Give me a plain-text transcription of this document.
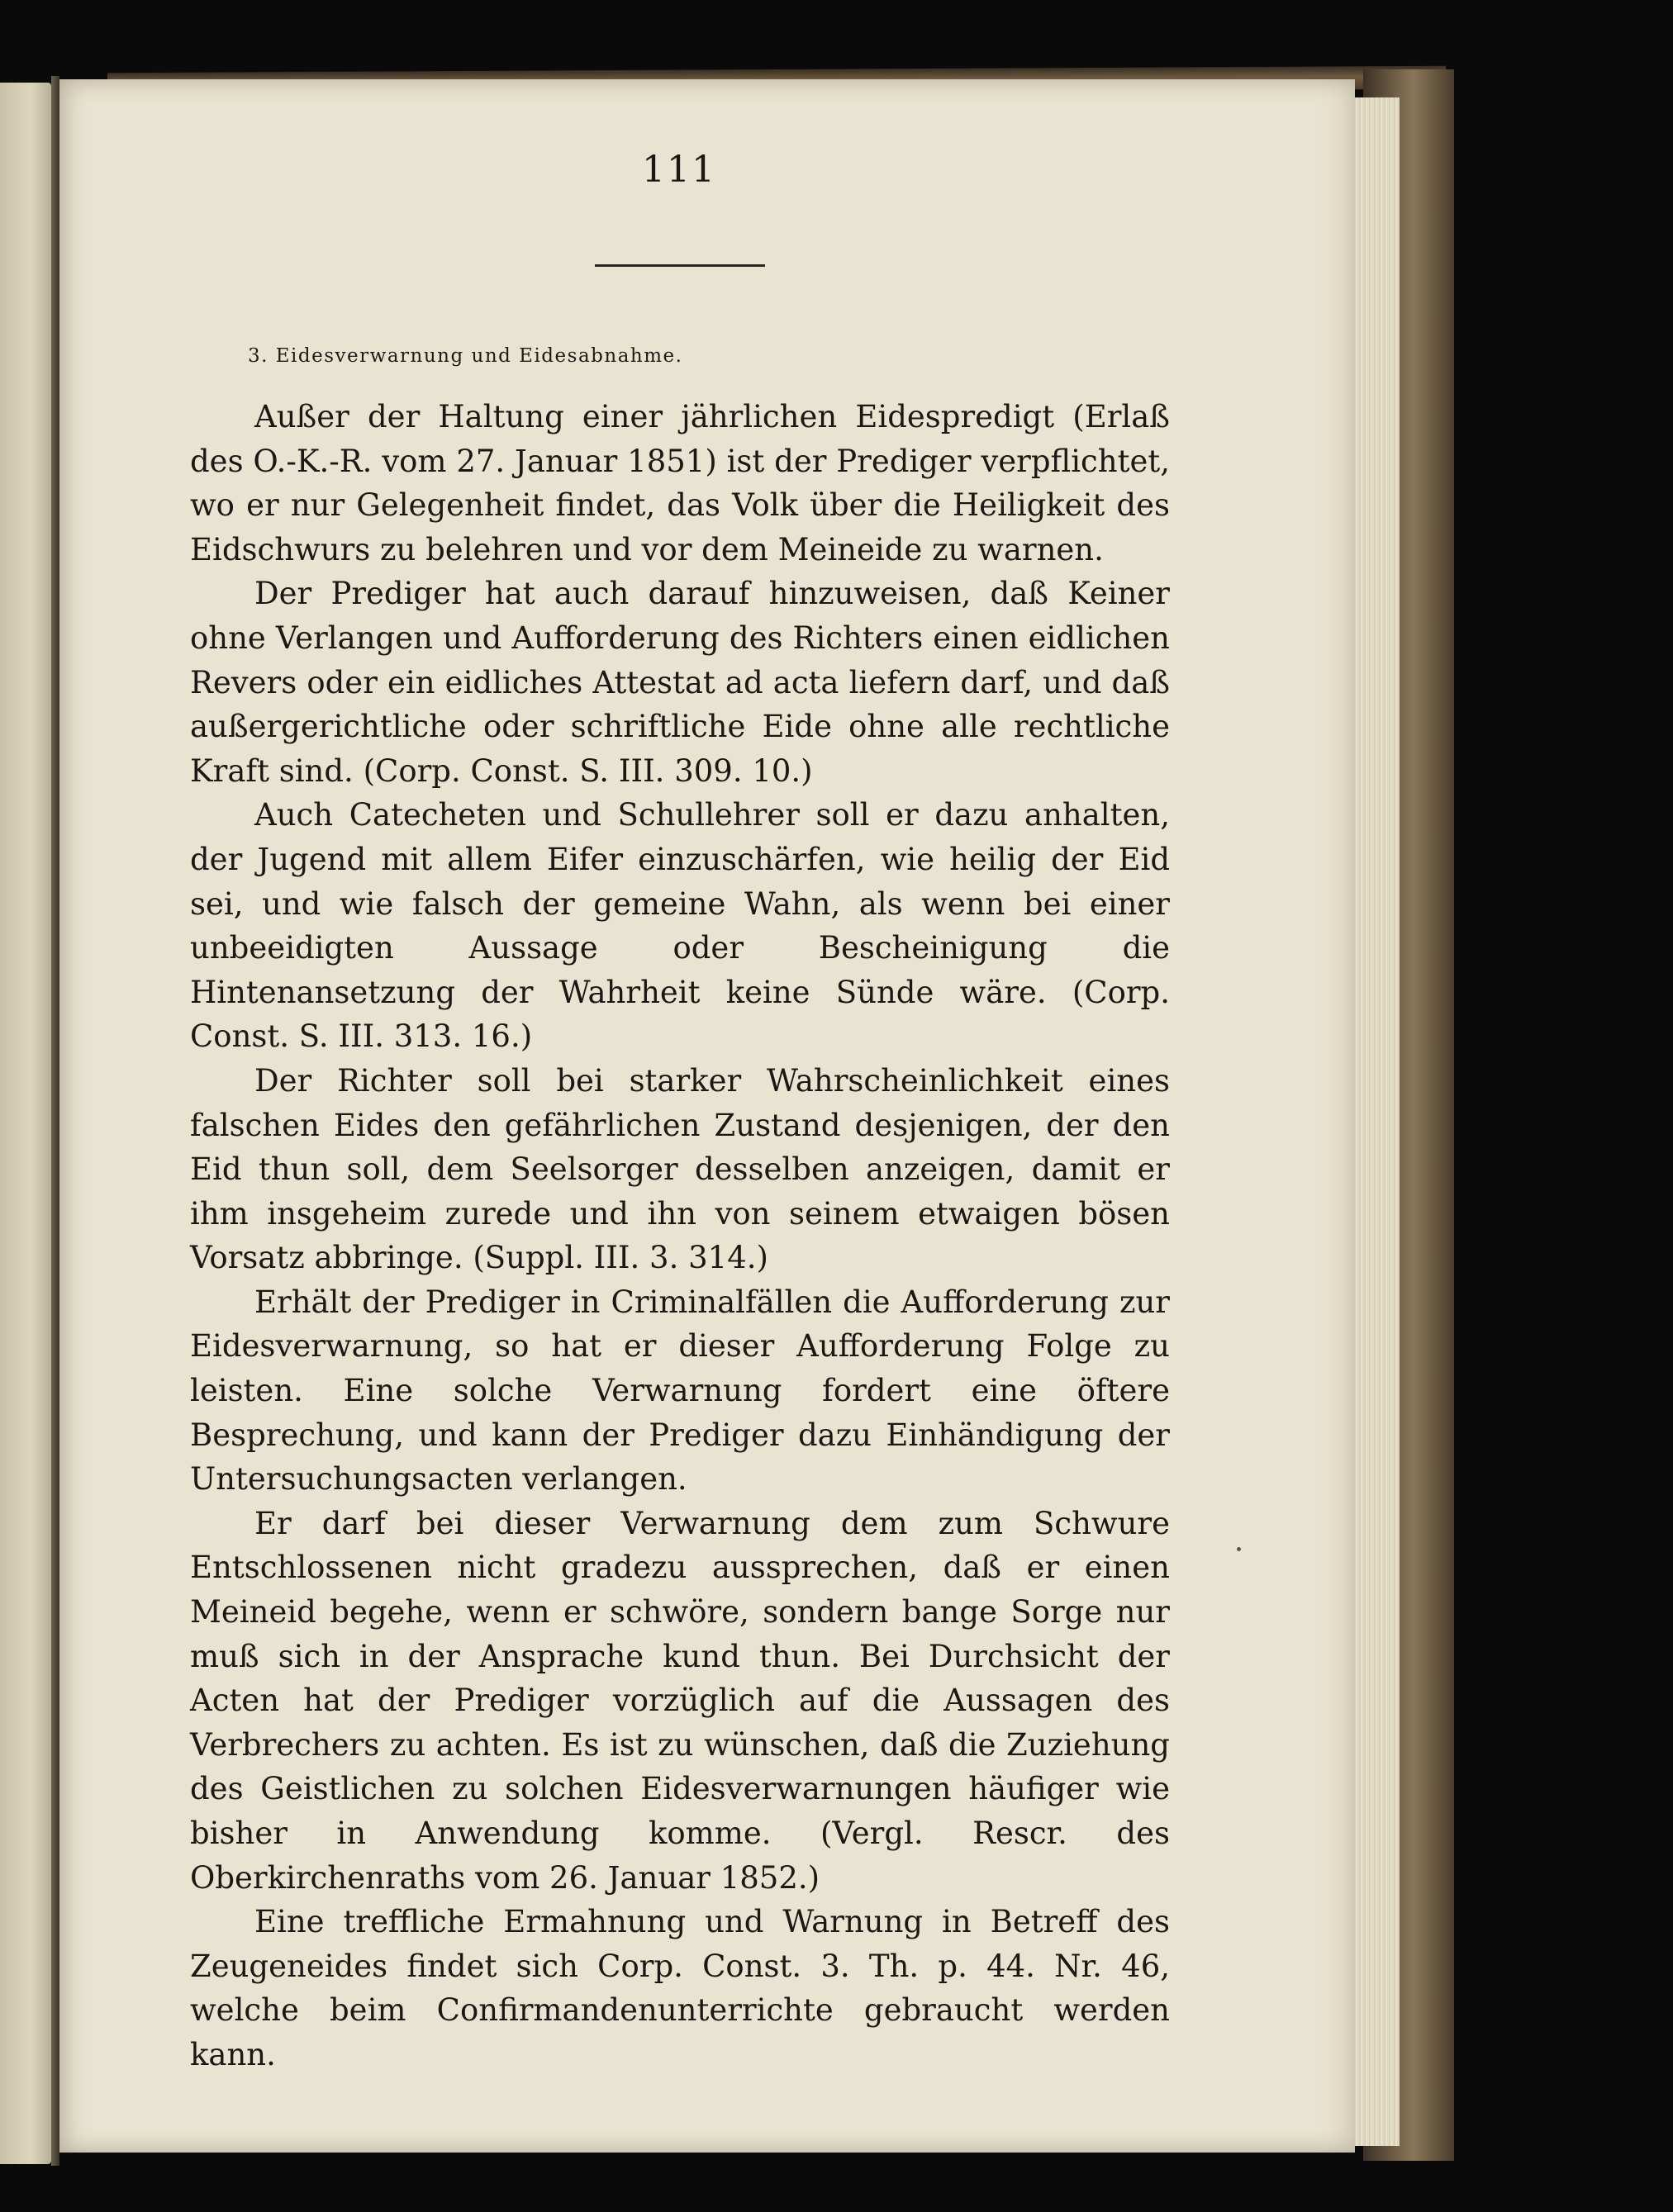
111
3. Eidesverwarnung und Eidesabnahme.

Außer der Haltung einer jährlichen Eidespredigt (Erlaß des O.-K.-R. vom 27. Januar 1851) ist der Prediger verpflichtet, wo er nur Gelegenheit findet, das Volk über die Heiligkeit des Eidschwurs zu belehren und vor dem Meineide zu warnen.

Der Prediger hat auch darauf hinzuweisen, daß Keiner ohne Verlangen und Aufforderung des Richters einen eidlichen Revers oder ein eidliches Attestat ad acta liefern darf, und daß außergerichtliche oder schriftliche Eide ohne alle rechtliche Kraft sind. (Corp. Const. S. III. 309. 10.)

Auch Catecheten und Schullehrer soll er dazu anhalten, der Jugend mit allem Eifer einzuschärfen, wie heilig der Eid sei, und wie falsch der gemeine Wahn, als wenn bei einer unbeeidigten Aussage oder Bescheinigung die Hintenansetzung der Wahrheit keine Sünde wäre. (Corp. Const. S. III. 313. 16.)

Der Richter soll bei starker Wahrscheinlichkeit eines falschen Eides den gefährlichen Zustand desjenigen, der den Eid thun soll, dem Seelsorger desselben anzeigen, damit er ihm insgeheim zurede und ihn von seinem etwaigen bösen Vorsatz abbringe. (Suppl. III. 3. 314.)

Erhält der Prediger in Criminalfällen die Aufforderung zur Eidesverwarnung, so hat er dieser Aufforderung Folge zu leisten. Eine solche Verwarnung fordert eine öftere Besprechung, und kann der Prediger dazu Einhändigung der Untersuchungsacten verlangen.

Er darf bei dieser Verwarnung dem zum Schwure Entschlossenen nicht gradezu aussprechen, daß er einen Meineid begehe, wenn er schwöre, sondern bange Sorge nur muß sich in der Ansprache kund thun. Bei Durchsicht der Acten hat der Prediger vorzüglich auf die Aussagen des Verbrechers zu achten. Es ist zu wünschen, daß die Zuziehung des Geistlichen zu solchen Eidesverwarnungen häufiger wie bisher in Anwendung komme. (Vergl. Rescr. des Oberkirchenraths vom 26. Januar 1852.)

Eine treffliche Ermahnung und Warnung in Betreff des Zeugeneides findet sich Corp. Const. 3. Th. p. 44. Nr. 46, welche beim Confirmandenunterrichte gebraucht werden kann.
